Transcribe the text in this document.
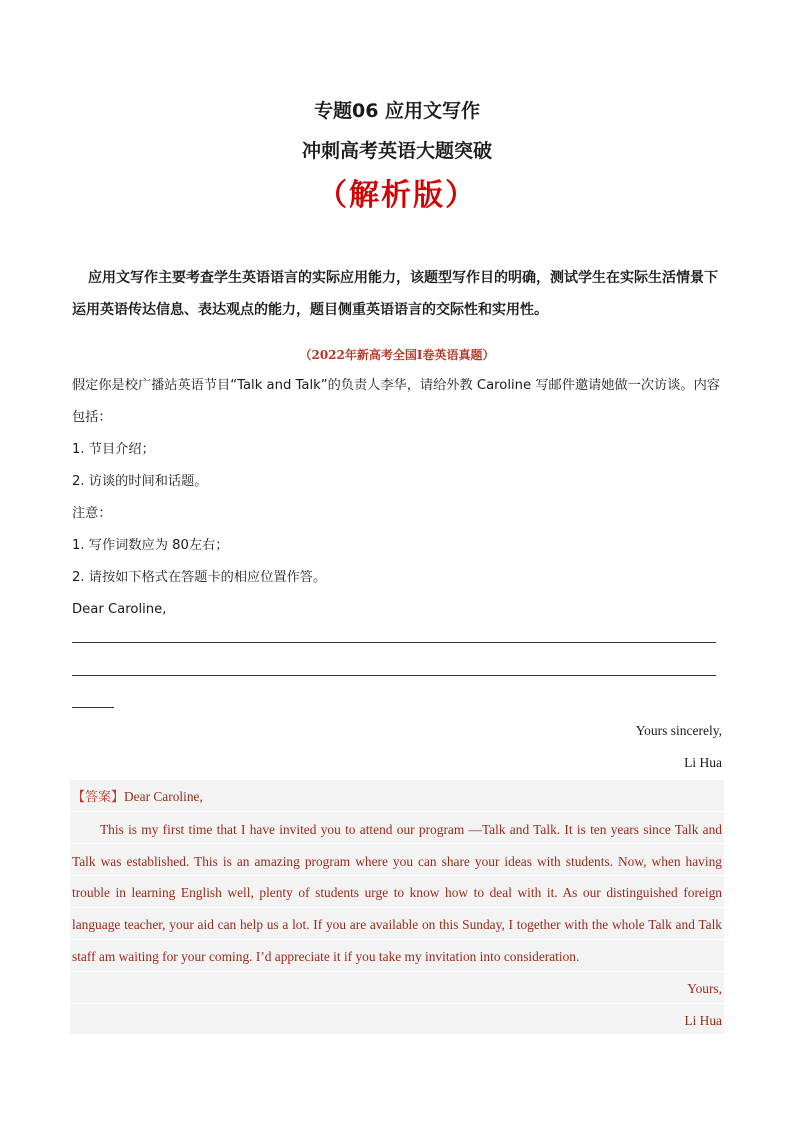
专题06 应用文写作
冲刺高考英语大题突破
（解析版）
应用文写作主要考查学生英语语言的实际应用能力，该题型写作目的明确，测试学生在实际生活情景下运用英语传达信息、表达观点的能力，题目侧重英语语言的交际性和实用性。
（2022年新高考全国Ⅰ卷英语真题）

假定你是校广播站英语节目“Talk and Talk”的负责人李华，请给外教 Caroline 写邮件邀请她做一次访谈。内容包括：

1. 节目介绍；

2. 访谈的时间和话题。

注意：

1. 写作词数应为 80左右；

2. 请按如下格式在答题卡的相应位置作答。

Dear Caroline,

Yours sincerely,
Li Hua

【答案】Dear Caroline,

This is my first time that I have invited you to attend our program —Talk and Talk. It is ten years since Talk and Talk was established. This is an amazing program where you can share your ideas with students. Now, when having trouble in learning English well, plenty of students urge to know how to deal with it. As our distinguished foreign language teacher, your aid can help us a lot. If you are available on this Sunday, I together with the whole Talk and Talk staff am waiting for your coming. I’d appreciate it if you take my invitation into consideration.

Yours,

Li Hua
